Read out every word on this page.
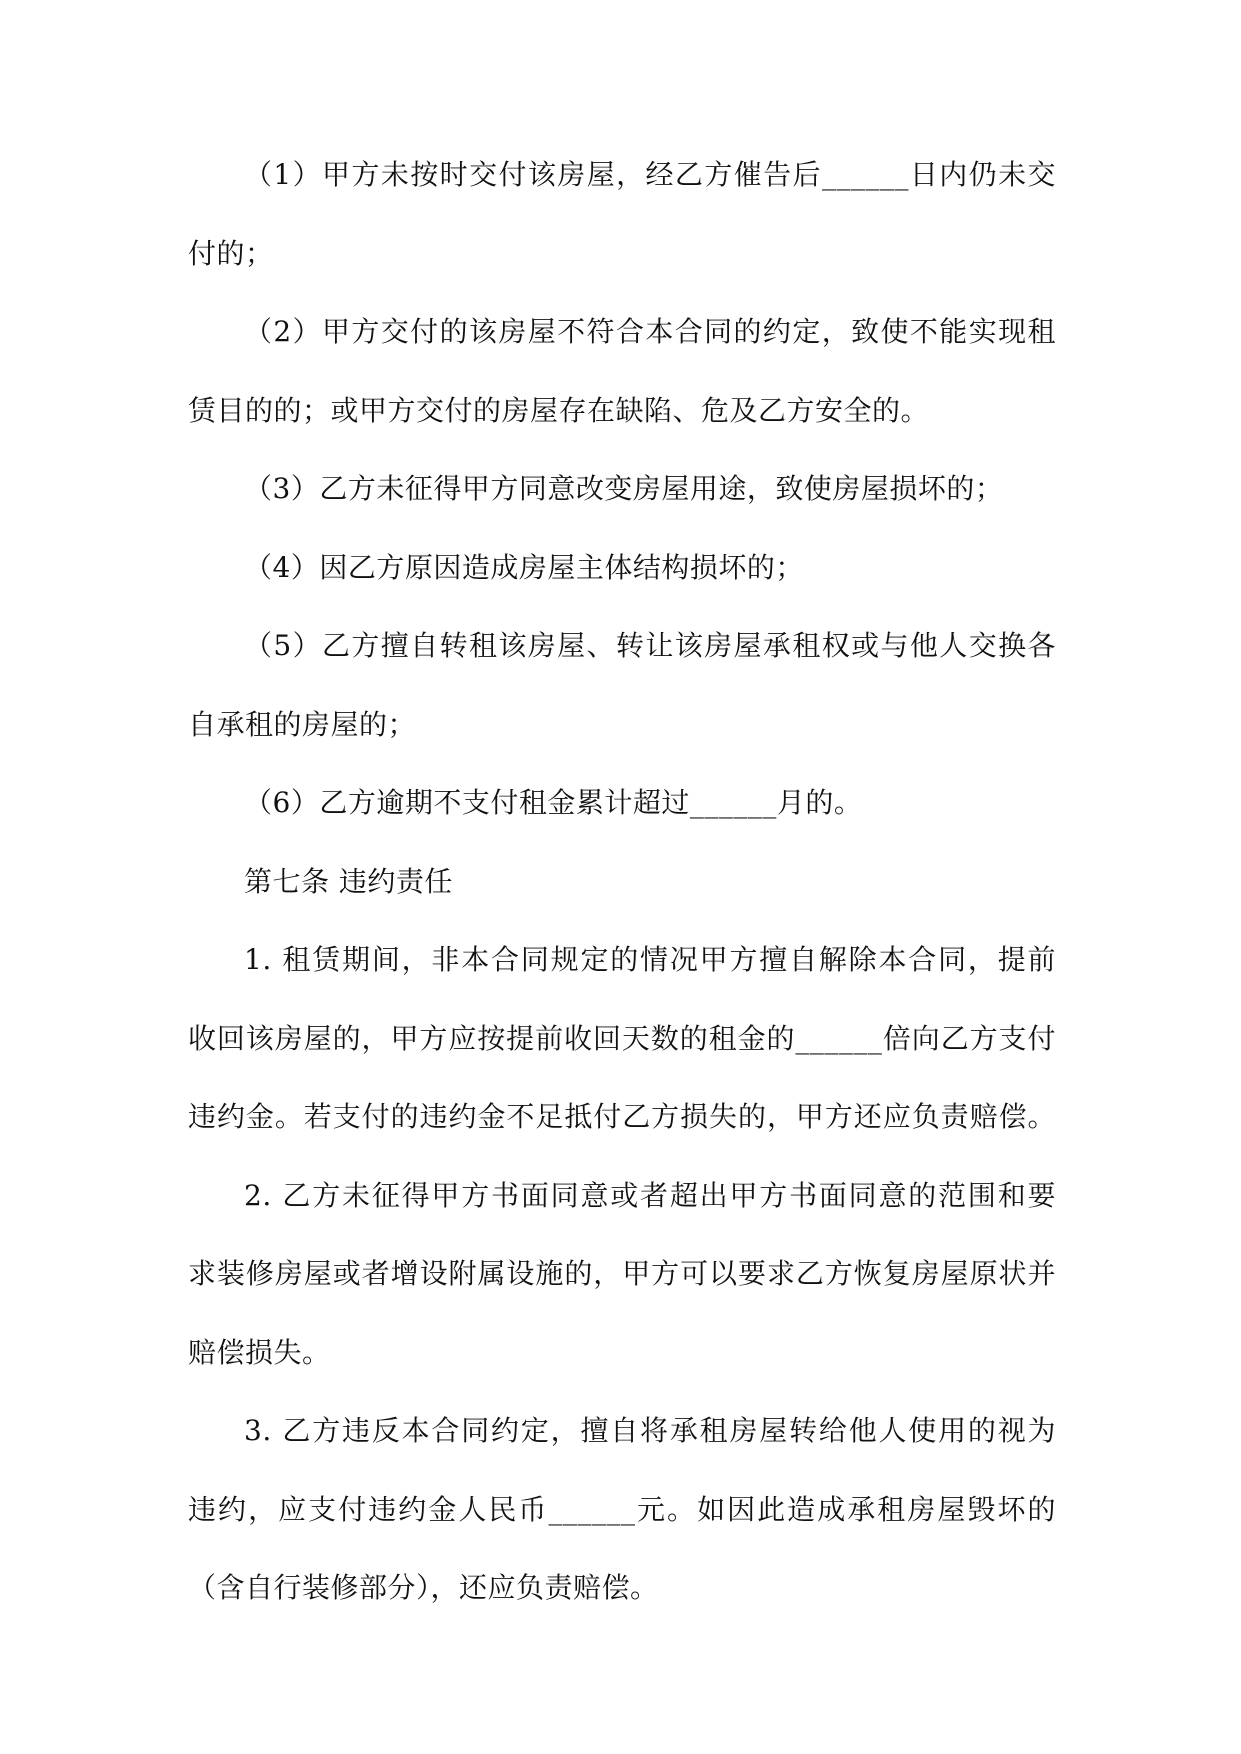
（1）甲方未按时交付该房屋，经乙方催告后______日内仍未交
付的；
（2）甲方交付的该房屋不符合本合同的约定，致使不能实现租
赁目的的；或甲方交付的房屋存在缺陷、危及乙方安全的。
（3）乙方未征得甲方同意改变房屋用途，致使房屋损坏的；
（4）因乙方原因造成房屋主体结构损坏的；
（5）乙方擅自转租该房屋、转让该房屋承租权或与他人交换各
自承租的房屋的；
（6）乙方逾期不支付租金累计超过______月的。
第七条 违约责任
1. 租赁期间，非本合同规定的情况甲方擅自解除本合同，提前
收回该房屋的，甲方应按提前收回天数的租金的______倍向乙方支付
违约金。若支付的违约金不足抵付乙方损失的，甲方还应负责赔偿。
2. 乙方未征得甲方书面同意或者超出甲方书面同意的范围和要
求装修房屋或者增设附属设施的，甲方可以要求乙方恢复房屋原状并
赔偿损失。
3. 乙方违反本合同约定，擅自将承租房屋转给他人使用的视为
违约，应支付违约金人民币______元。如因此造成承租房屋毁坏的
（含自行装修部分），还应负责赔偿。
